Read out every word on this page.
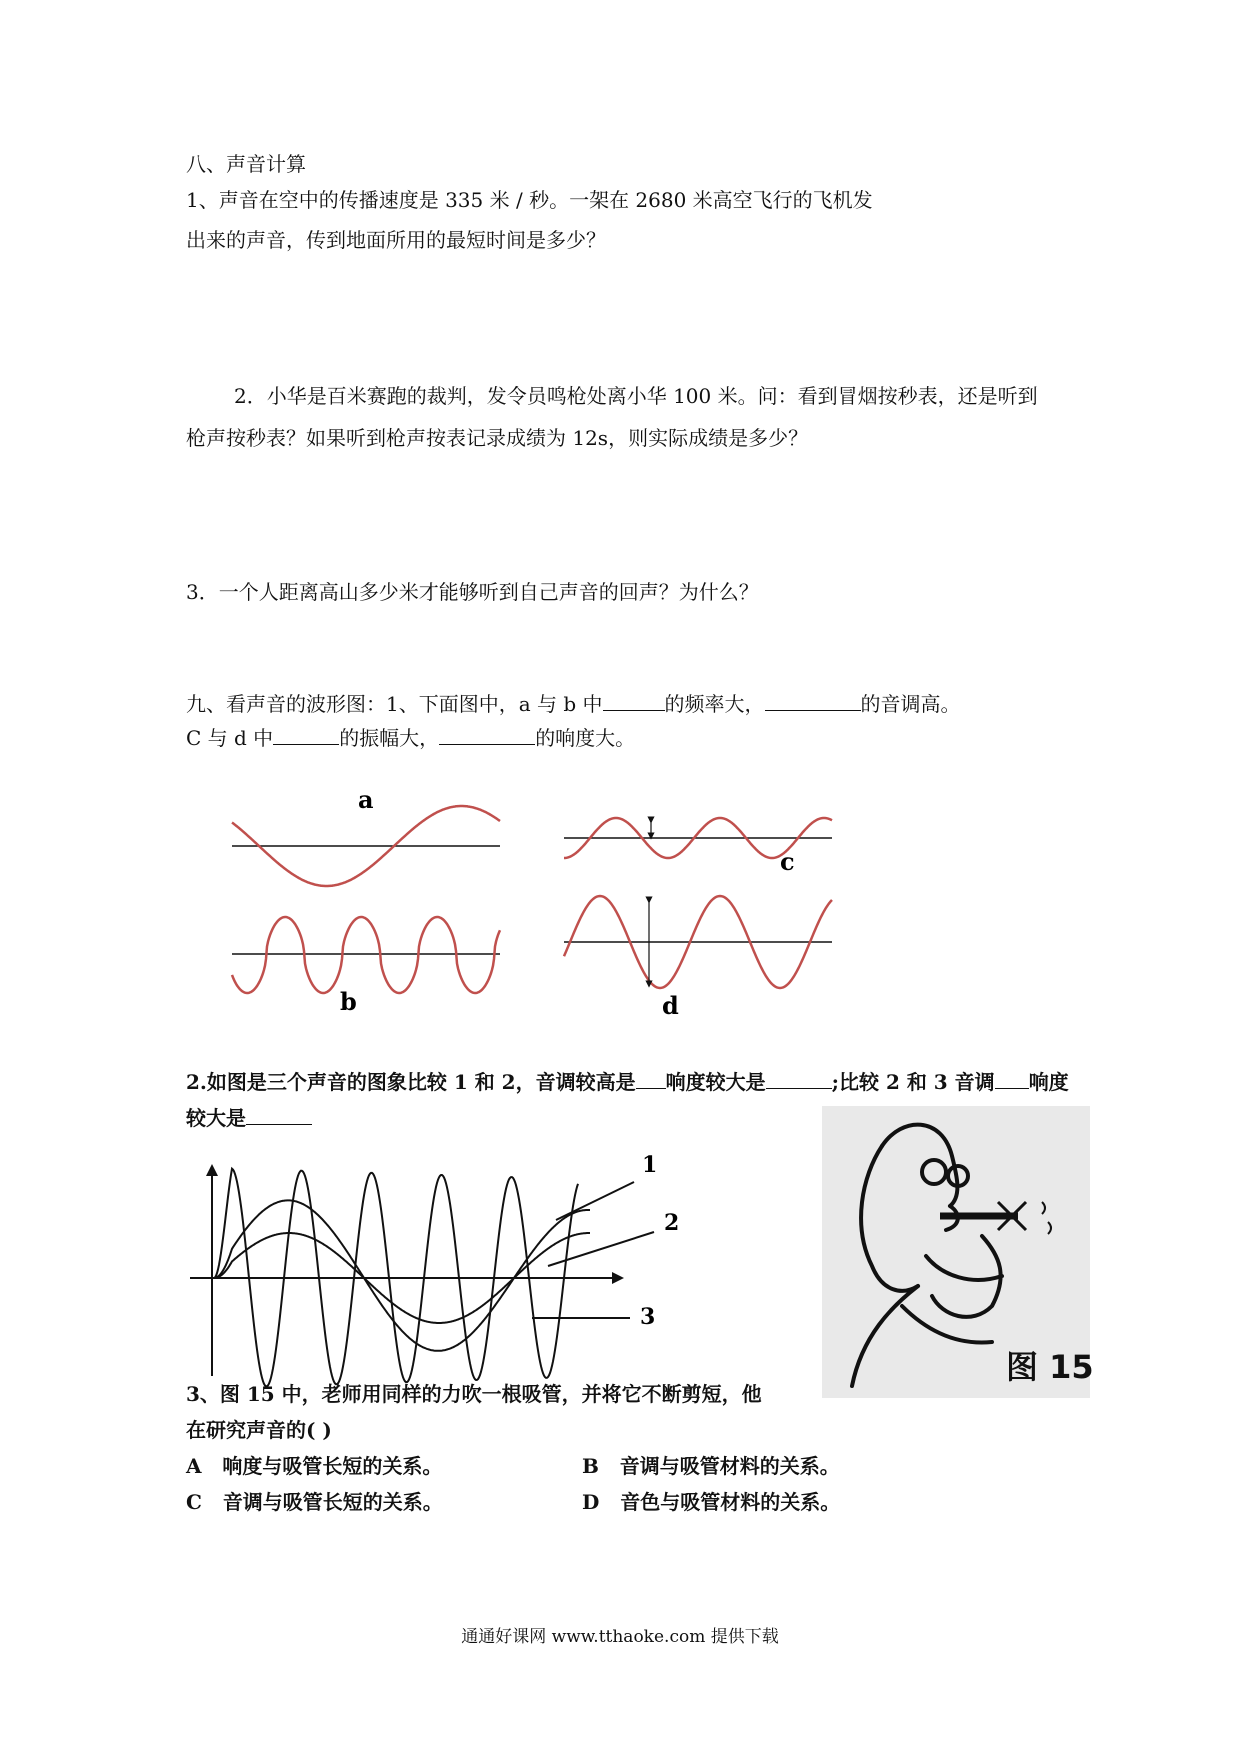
八、声音计算
1、声音在空中的传播速度是 335 米 / 秒。一架在 2680 米高空飞行的飞机发
出来的声音，传到地面所用的最短时间是多少？
2．小华是百米赛跑的裁判，发令员鸣枪处离小华 100 米。问：看到冒烟按秒表，还是听到
枪声按秒表？如果听到枪声按表记录成绩为 12s，则实际成绩是多少？
3．一个人距离高山多少米才能够听到自己声音的回声？为什么？
九、看声音的波形图：1、下面图中，a 与 b 中	的频率大，	的音调高。
C 与 d 中	的振幅大，	的响度大。
a
b
c
d
2.如图是三个声音的图象比较 1 和 2，音调较高是 响度较大是	;比较 2 和 3 音调 响度
较大是
1
2
3
图 15
3、图 15 中，老师用同样的力吹一根吸管，并将它不断剪短，他
在研究声音的( )
A 响度与吸管长短的关系。	B 音调与吸管材料的关系。
C 音调与吸管长短的关系。	D 音色与吸管材料的关系。
通通好课网 www.tthaoke.com 提供下载
